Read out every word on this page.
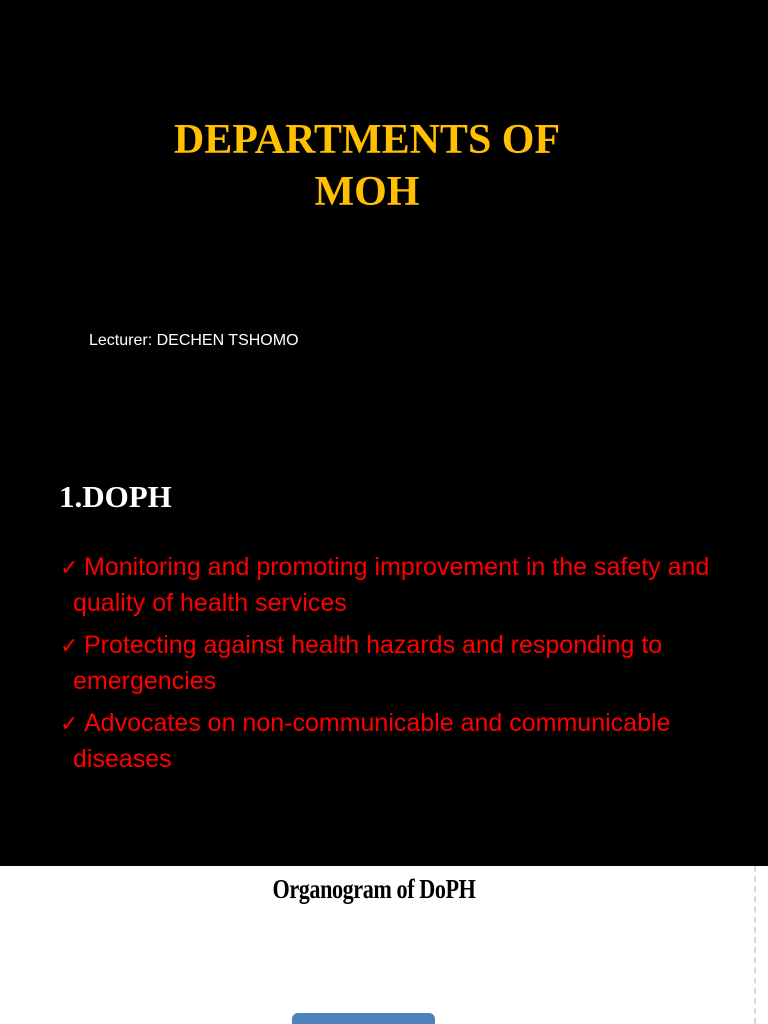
DEPARTMENTS OF
MOH

Lecturer: DECHEN TSHOMO

1.DOPH
✓ Monitoring and promoting improvement in the safety and quality of health services
✓ Protecting against health hazards and responding to emergencies
✓ Advocates on non-communicable and communicable diseases
Organogram of DoPH
